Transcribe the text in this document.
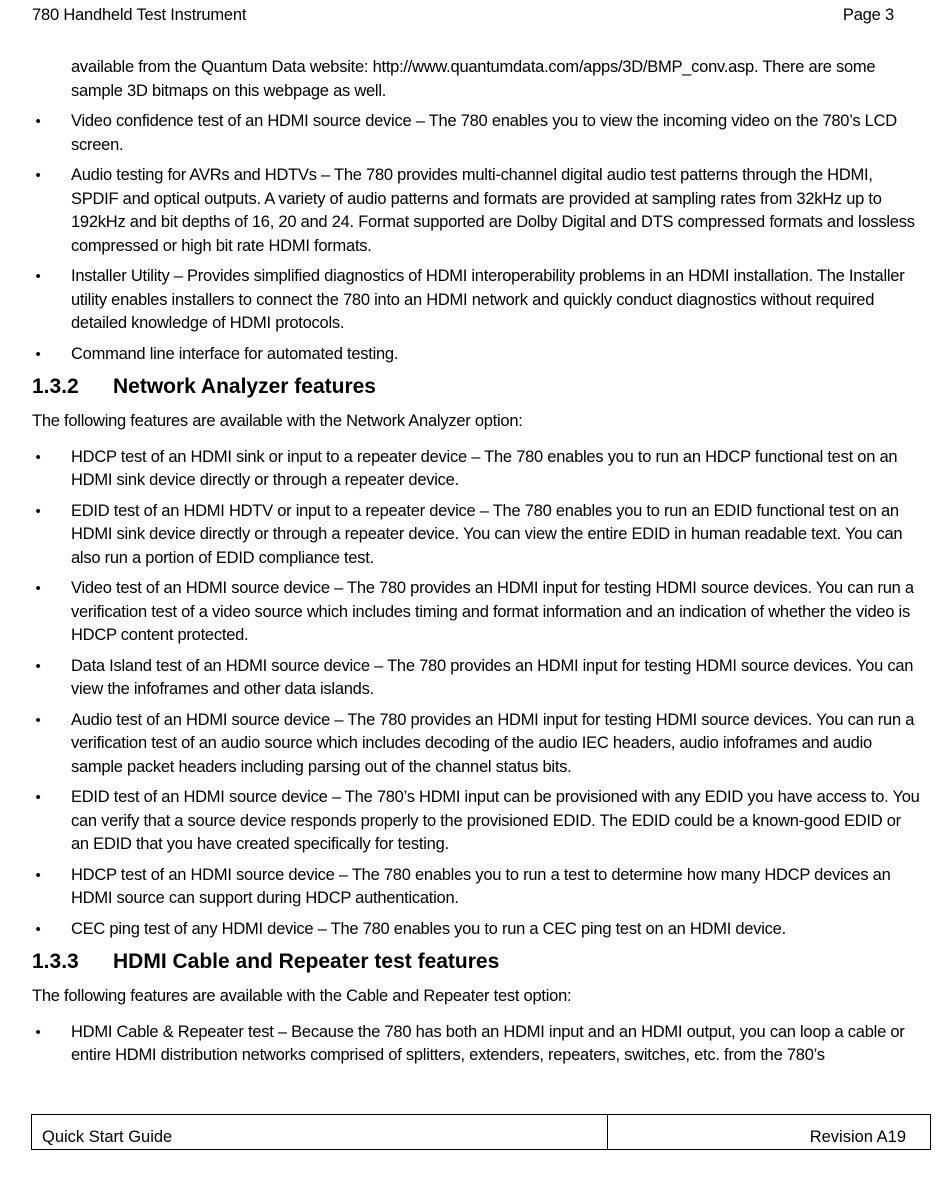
780 Handheld Test Instrument	Page 3

available from the Quantum Data website: http://www.quantumdata.com/apps/3D/BMP_conv.asp. There are some sample 3D bitmaps on this webpage as well.

• Video confidence test of an HDMI source device – The 780 enables you to view the incoming video on the 780’s LCD screen.
• Audio testing for AVRs and HDTVs – The 780 provides multi-channel digital audio test patterns through the HDMI, SPDIF and optical outputs. A variety of audio patterns and formats are provided at sampling rates from 32kHz up to 192kHz and bit depths of 16, 20 and 24. Format supported are Dolby Digital and DTS compressed formats and lossless compressed or high bit rate HDMI formats.
• Installer Utility – Provides simplified diagnostics of HDMI interoperability problems in an HDMI installation. The Installer utility enables installers to connect the 780 into an HDMI network and quickly conduct diagnostics without required detailed knowledge of HDMI protocols.
• Command line interface for automated testing.
1.3.2 Network Analyzer features

The following features are available with the Network Analyzer option:

• HDCP test of an HDMI sink or input to a repeater device – The 780 enables you to run an HDCP functional test on an HDMI sink device directly or through a repeater device.
• EDID test of an HDMI HDTV or input to a repeater device – The 780 enables you to run an EDID functional test on an HDMI sink device directly or through a repeater device. You can view the entire EDID in human readable text. You can also run a portion of EDID compliance test.
• Video test of an HDMI source device – The 780 provides an HDMI input for testing HDMI source devices. You can run a verification test of a video source which includes timing and format information and an indication of whether the video is HDCP content protected.
• Data Island test of an HDMI source device – The 780 provides an HDMI input for testing HDMI source devices. You can view the infoframes and other data islands.
• Audio test of an HDMI source device – The 780 provides an HDMI input for testing HDMI source devices. You can run a verification test of an audio source which includes decoding of the audio IEC headers, audio infoframes and audio sample packet headers including parsing out of the channel status bits.
• EDID test of an HDMI source device – The 780’s HDMI input can be provisioned with any EDID you have access to. You can verify that a source device responds properly to the provisioned EDID. The EDID could be a known-good EDID or an EDID that you have created specifically for testing.
• HDCP test of an HDMI source device – The 780 enables you to run a test to determine how many HDCP devices an HDMI source can support during HDCP authentication.
• CEC ping test of any HDMI device – The 780 enables you to run a CEC ping test on an HDMI device.
1.3.3 HDMI Cable and Repeater test features

The following features are available with the Cable and Repeater test option:

• HDMI Cable & Repeater test – Because the 780 has both an HDMI input and an HDMI output, you can loop a cable or entire HDMI distribution networks comprised of splitters, extenders, repeaters, switches, etc. from the 780’s
Quick Start Guide	Revision A19
